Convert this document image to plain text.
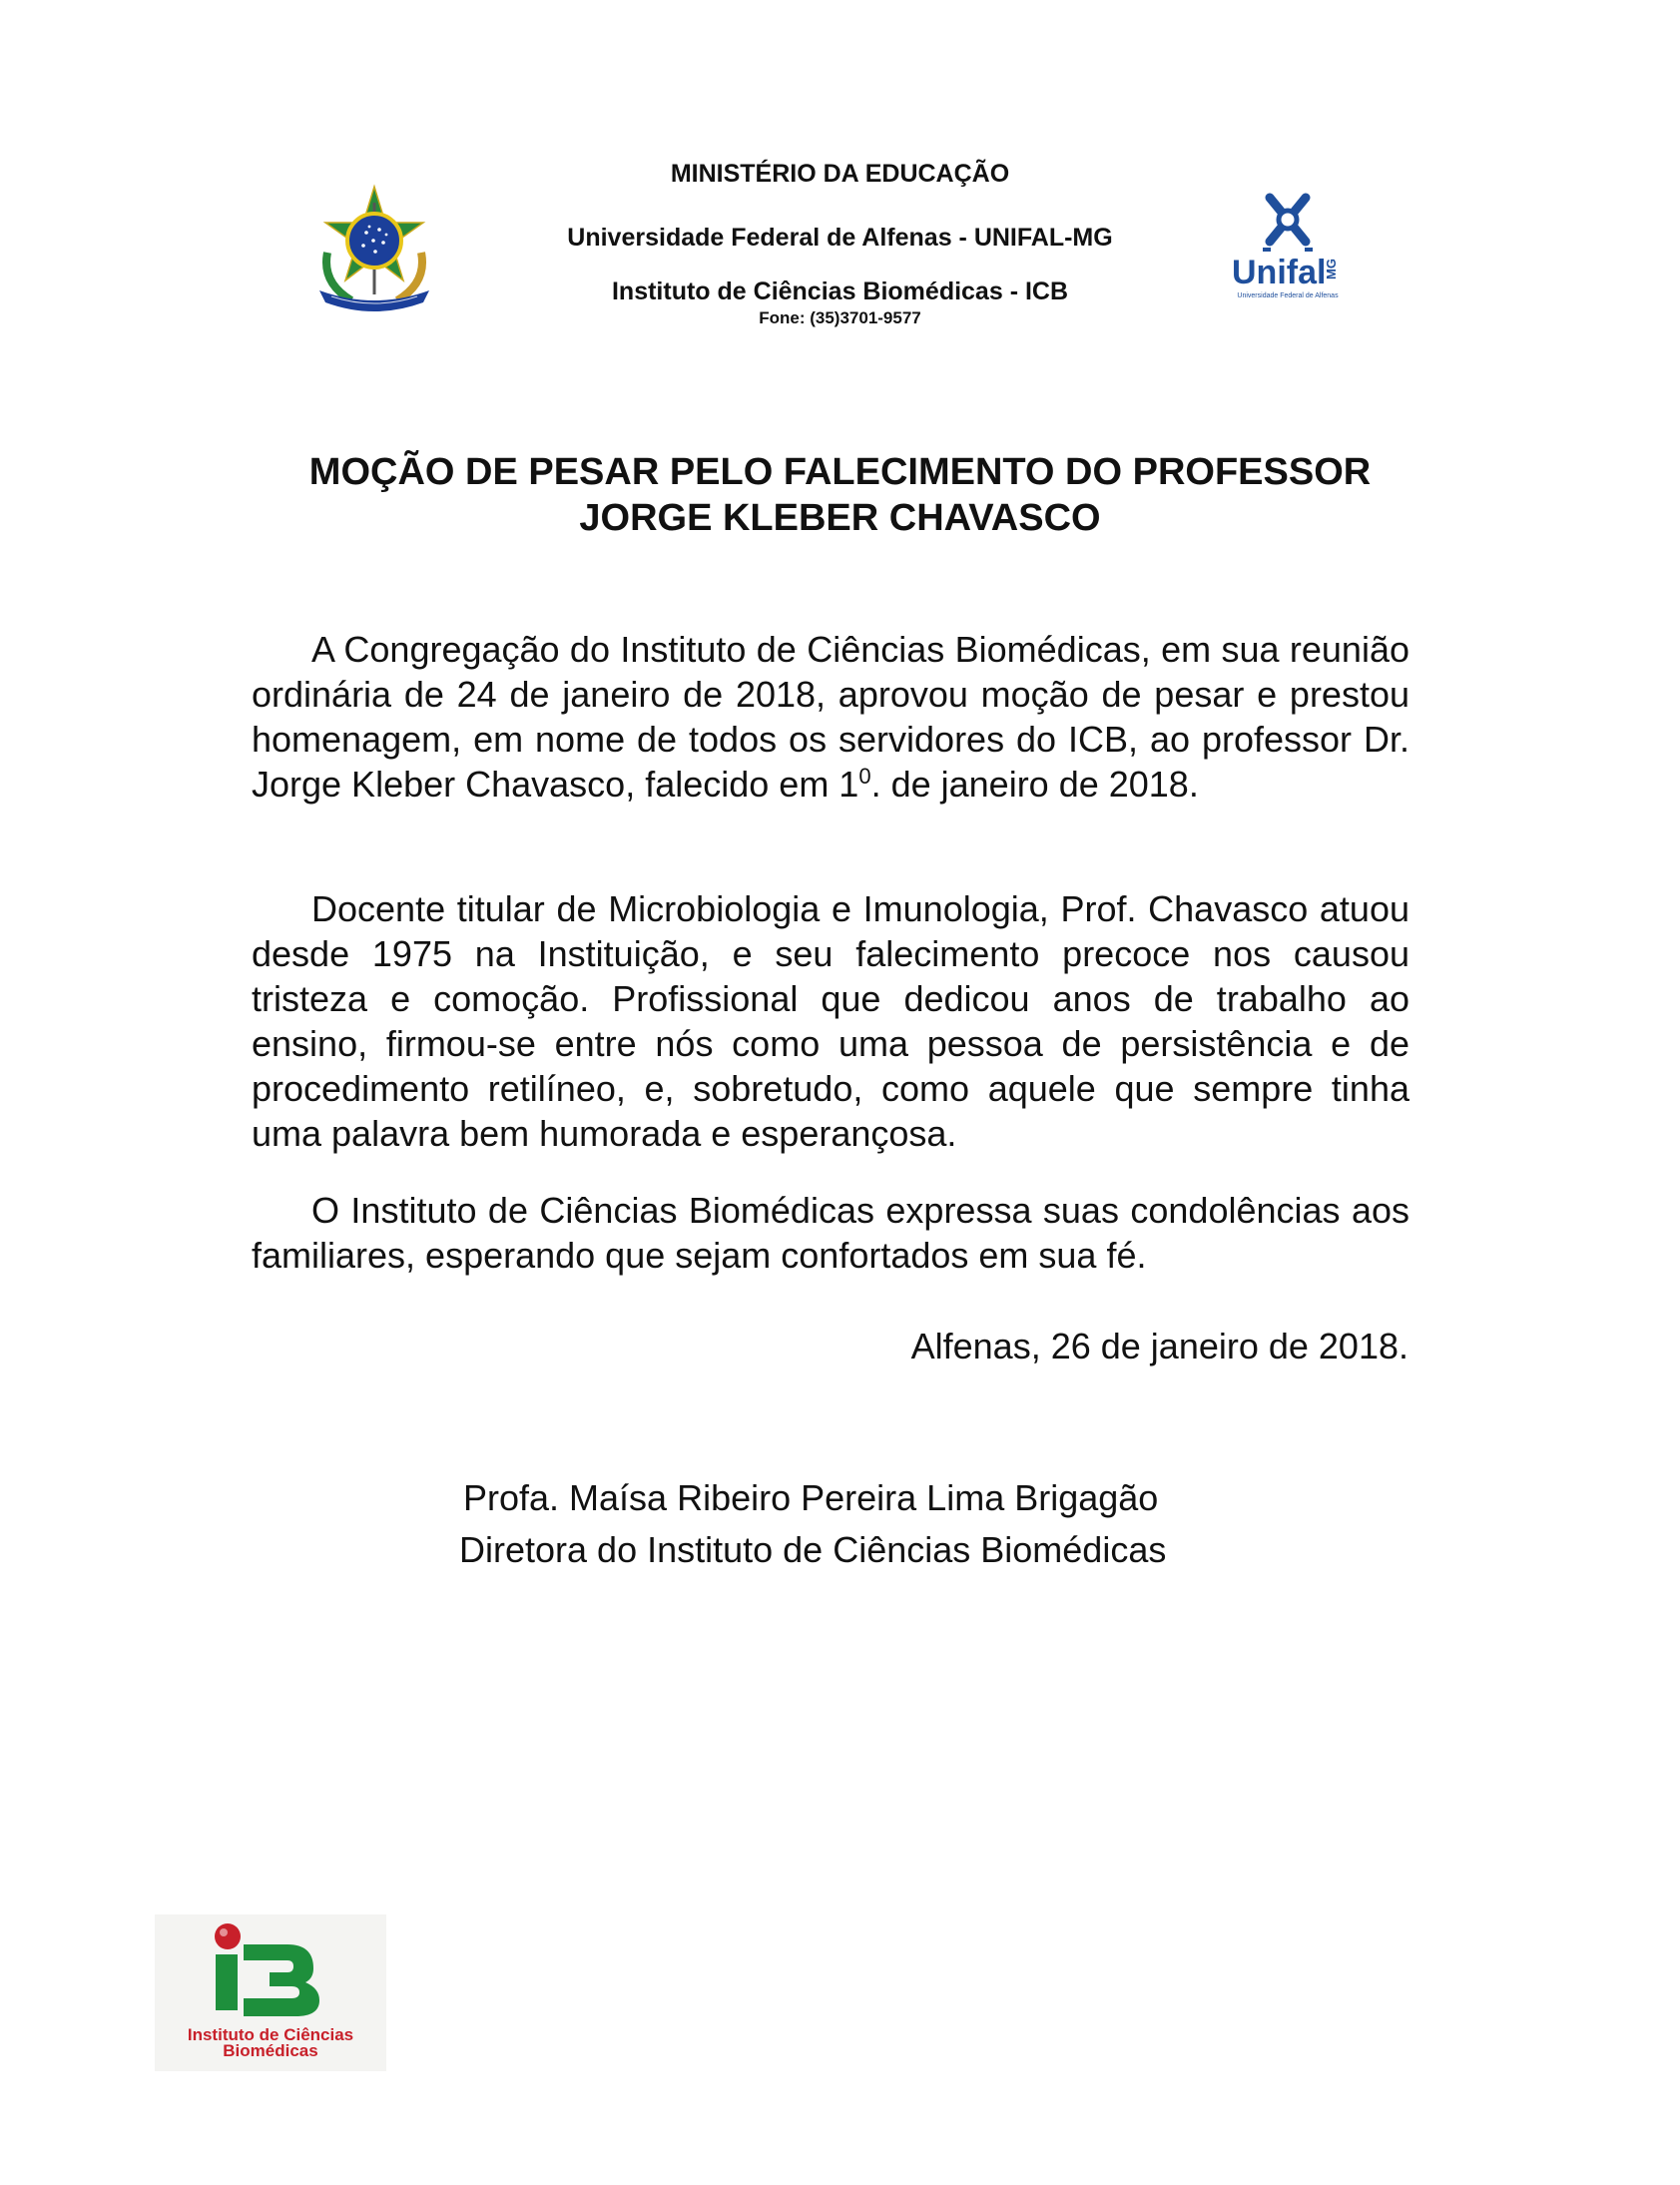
MINISTÉRIO DA EDUCAÇÃO
Universidade Federal de Alfenas - UNIFAL-MG
Instituto de Ciências Biomédicas - ICB
Fone: (35)3701-9577
Unifal
MG
Universidade Federal de Alfenas
MOÇÃO DE PESAR PELO FALECIMENTO DO PROFESSOR
JORGE KLEBER CHAVASCO

A Congregação do Instituto de Ciências Biomédicas, em sua reunião ordinária de 24 de janeiro de 2018, aprovou moção de pesar e prestou homenagem, em nome de todos os servidores do ICB, ao professor Dr. Jorge Kleber Chavasco, falecido em $1^0$. de janeiro de 2018.

Docente titular de Microbiologia e Imunologia, Prof. Chavasco atuou desde 1975 na Instituição, e seu falecimento precoce nos causou tristeza e comoção. Profissional que dedicou anos de trabalho ao ensino, firmou-se entre nós como uma pessoa de persistência e de procedimento retilíneo, e, sobretudo, como aquele que sempre tinha uma palavra bem humorada e esperançosa.

O Instituto de Ciências Biomédicas expressa suas condolências aos familiares, esperando que sejam confortados em sua fé.

Alfenas, 26 de janeiro de 2018.
Profa. Maísa Ribeiro Pereira Lima Brigagão
Diretora do Instituto de Ciências Biomédicas
Instituto de Ciências
Biomédicas
